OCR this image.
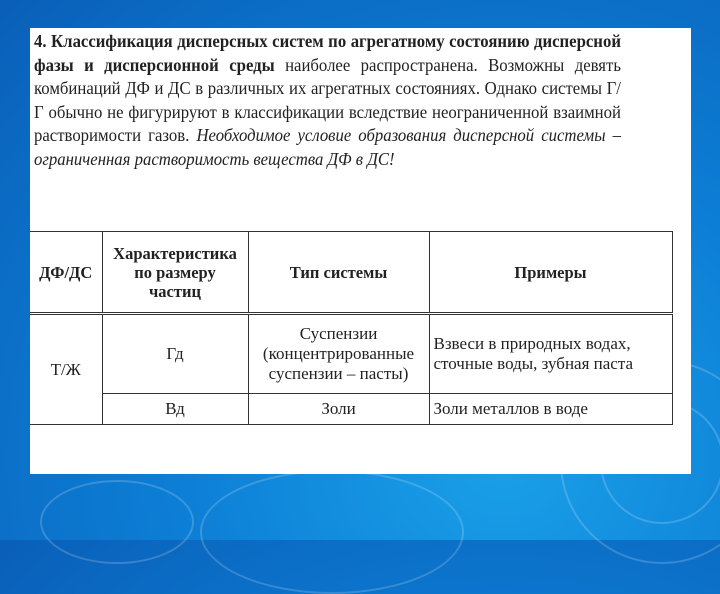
4. Классификация дисперсных систем по агрегатному состоянию дисперсной фазы и дисперсионной среды наиболее распространена. Возможны девять комбинаций ДФ и ДС в различных их агрегатных состояниях. Однако системы Г/Г обычно не фигурируют в классификации вследствие неограниченной взаимной растворимости газов. Необходимое условие образования дисперсной системы – ограниченная растворимость вещества ДФ в ДС!

ДФ/ДС	Характеристика по размеру частиц	Тип системы	Примеры
Т/Ж	Гд	Суспензии (концентрированные суспензии – пасты)	Взвеси в природных водах, сточные воды, зубная паста
	Вд	Золи	Золи металлов в воде
